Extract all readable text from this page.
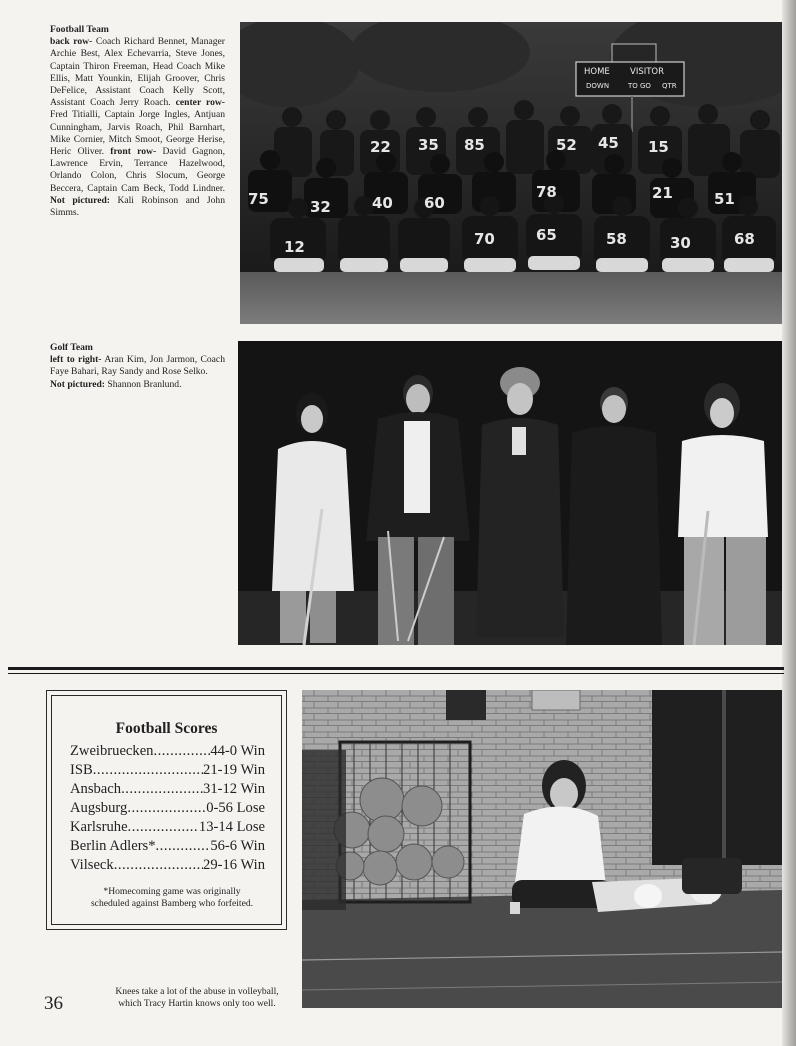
Football Team
back row- Coach Richard Bennet, Manager Archie Best, Alex Echevarria, Steve Jones, Captain Thiron Freeman, Head Coach Mike Ellis, Matt Younkin, Elijah Groover, Chris DeFelice, Assistant Coach Kelly Scott, Assistant Coach Jerry Roach. center row- Fred Titialli, Captain Jorge Ingles, Antjuan Cunningham, Jarvis Roach, Phil Barnhart, Mike Cornier, Mitch Smoot, George Herise, Heric Oliver. front row- David Gagnon, Lawrence Ervin, Terrance Hazelwood, Orlando Colon, Chris Slocum, George Beccera, Captain Cam Beck, Todd Lindner. Not pictured: Kali Robinson and John Simms.
75	32	40 60
78	21	51
35 85	52 45 15
22
12	70	65	58	30	68
Golf Team
left to right- Aran Kim, Jon Jarmon, Coach Faye Bahari, Ray Sandy and Rose Selko.
Not pictured: Shannon Branlund.
Football Scores
Zweibruecken .....	44-0 Win
ISB .....	21-19 Win
Ansbach .....	31-12 Win
Augsburg .....	0-56 Lose
Karlsruhe .....	13-14 Lose
Berlin Adlers* .....	56-6 Win
Vilseck .....	29-16 Win
*Homecoming game was originally
scheduled against Bamberg who forfeited.
Knees take a lot of the abuse in volleyball,
which Tracy Hartin knows only too well.
36
HOME VISITOR
DOWN	TO GO QTR
